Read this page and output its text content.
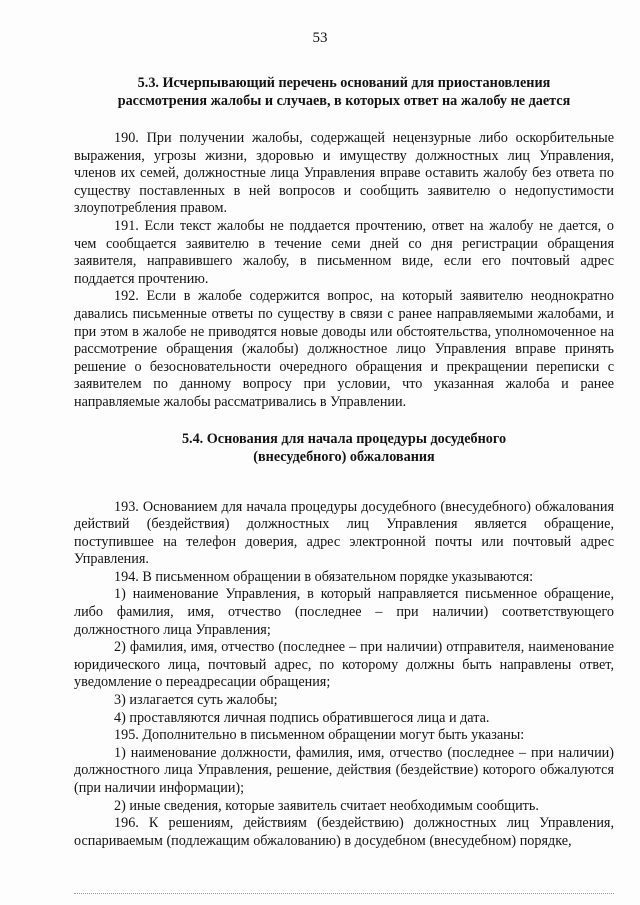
53
5.3. Исчерпывающий перечень оснований для приостановления
рассмотрения жалобы и случаев, в которых ответ на жалобу не дается

190. При получении жалобы, содержащей нецензурные либо оскорбительные выражения, угрозы жизни, здоровью и имуществу должностных лиц Управления, членов их семей, должностные лица Управления вправе оставить жалобу без ответа по существу поставленных в ней вопросов и сообщить заявителю о недопустимости злоупотребления правом.

191. Если текст жалобы не поддается прочтению, ответ на жалобу не дается, о чем сообщается заявителю в течение семи дней со дня регистрации обращения заявителя, направившего жалобу, в письменном виде, если его почтовый адрес поддается прочтению.

192. Если в жалобе содержится вопрос, на который заявителю неоднократно давались письменные ответы по существу в связи с ранее направляемыми жалобами, и при этом в жалобе не приводятся новые доводы или обстоятельства, уполномоченное на рассмотрение обращения (жалобы) должностное лицо Управления вправе принять решение о безосновательности очередного обращения и прекращении переписки с заявителем по данному вопросу при условии, что указанная жалоба и ранее направляемые жалобы рассматривались в Управлении.

5.4. Основания для начала процедуры досудебного
(внесудебного) обжалования

193. Основанием для начала процедуры досудебного (внесудебного) обжалования действий (бездействия) должностных лиц Управления является обращение, поступившее на телефон доверия, адрес электронной почты или почтовый адрес Управления.

194. В письменном обращении в обязательном порядке указываются:

1) наименование Управления, в который направляется письменное обращение, либо фамилия, имя, отчество (последнее – при наличии) соответствующего должностного лица Управления;

2) фамилия, имя, отчество (последнее – при наличии) отправителя, наименование юридического лица, почтовый адрес, по которому должны быть направлены ответ, уведомление о переадресации обращения;

3) излагается суть жалобы;

4) проставляются личная подпись обратившегося лица и дата.

195. Дополнительно в письменном обращении могут быть указаны:

1) наименование должности, фамилия, имя, отчество (последнее – при наличии) должностного лица Управления, решение, действия (бездействие) которого обжалуются (при наличии информации);

2) иные сведения, которые заявитель считает необходимым сообщить.

196. К решениям, действиям (бездействию) должностных лиц Управления, оспариваемым (подлежащим обжалованию) в досудебном (внесудебном) порядке,
